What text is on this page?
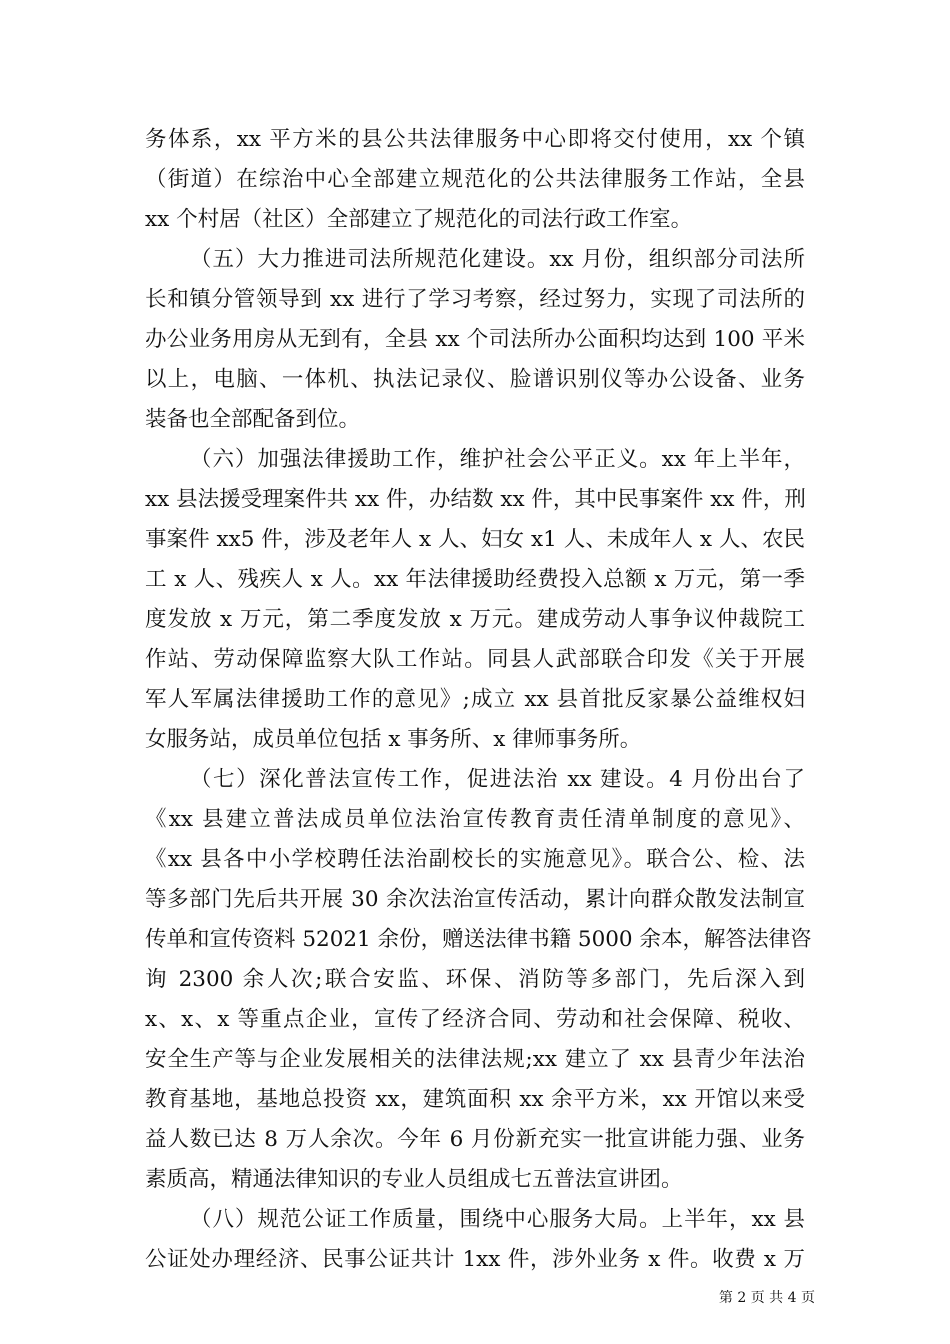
务体系，xx 平方米的县公共法律服务中心即将交付使用，xx 个镇
（街道）在综治中心全部建立规范化的公共法律服务工作站，全县
xx 个村居（社区）全部建立了规范化的司法行政工作室。
（五）大力推进司法所规范化建设。xx 月份，组织部分司法所
长和镇分管领导到 xx 进行了学习考察，经过努力，实现了司法所的
办公业务用房从无到有，全县 xx 个司法所办公面积均达到 100 平米
以上，电脑、一体机、执法记录仪、脸谱识别仪等办公设备、业务
装备也全部配备到位。
（六）加强法律援助工作，维护社会公平正义。xx 年上半年，
xx 县法援受理案件共 xx 件，办结数 xx 件，其中民事案件 xx 件，刑
事案件 xx5 件，涉及老年人 x 人、妇女 x1 人、未成年人 x 人、农民
工 x 人、残疾人 x 人。xx 年法律援助经费投入总额 x 万元，第一季
度发放 x 万元，第二季度发放 x 万元。建成劳动人事争议仲裁院工
作站、劳动保障监察大队工作站。同县人武部联合印发《关于开展
军人军属法律援助工作的意见》;成立 xx 县首批反家暴公益维权妇
女服务站，成员单位包括 x 事务所、x 律师事务所。
（七）深化普法宣传工作，促进法治 xx 建设。4 月份出台了
《xx 县建立普法成员单位法治宣传教育责任清单制度的意见》、
《xx 县各中小学校聘任法治副校长的实施意见》。联合公、检、法
等多部门先后共开展 30 余次法治宣传活动，累计向群众散发法制宣
传单和宣传资料 52021 余份，赠送法律书籍 5000 余本，解答法律咨
询 2300 余人次;联合安监、环保、消防等多部门，先后深入到
x、x、x 等重点企业，宣传了经济合同、劳动和社会保障、税收、
安全生产等与企业发展相关的法律法规;xx 建立了 xx 县青少年法治
教育基地，基地总投资 xx，建筑面积 xx 余平方米，xx 开馆以来受
益人数已达 8 万人余次。今年 6 月份新充实一批宣讲能力强、业务
素质高，精通法律知识的专业人员组成七五普法宣讲团。
（八）规范公证工作质量，围绕中心服务大局。上半年，xx 县
公证处办理经济、民事公证共计 1xx 件，涉外业务 x 件。收费 x 万
第 2 页 共 4 页
